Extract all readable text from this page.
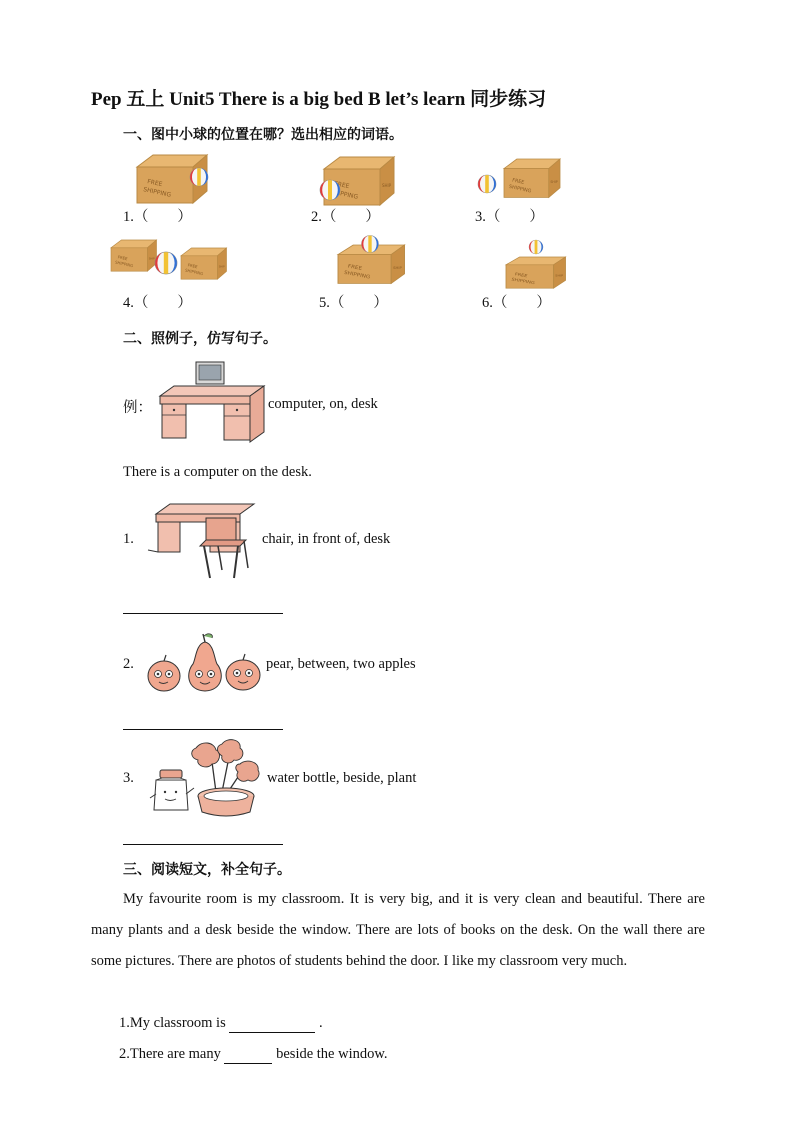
FREE
SHIPPING
SHIP
Pep 五上 Unit5 There is a big bed B let’s learn 同步练习
一、图中小球的位置在哪？选出相应的词语。
1.（　　）	2.（　　）	3.（　　）
4.（　　）	5.（　　）	6.（　　）
二、照例子，仿写句子。
例：	computer, on, desk
There is a computer on the desk.
1.	chair, in front of, desk
2.	pear, between, two apples
3.	water bottle, beside, plant
三、阅读短文，补全句子。
My favourite room is my classroom. It is very big, and it is very clean and beautiful. There are many plants and a desk beside the window. There are lots of books on the desk. On the wall there are some pictures. There are photos of students behind the door. I like my classroom very much.
1.My classroom is	.
2.There are many	beside the window.
